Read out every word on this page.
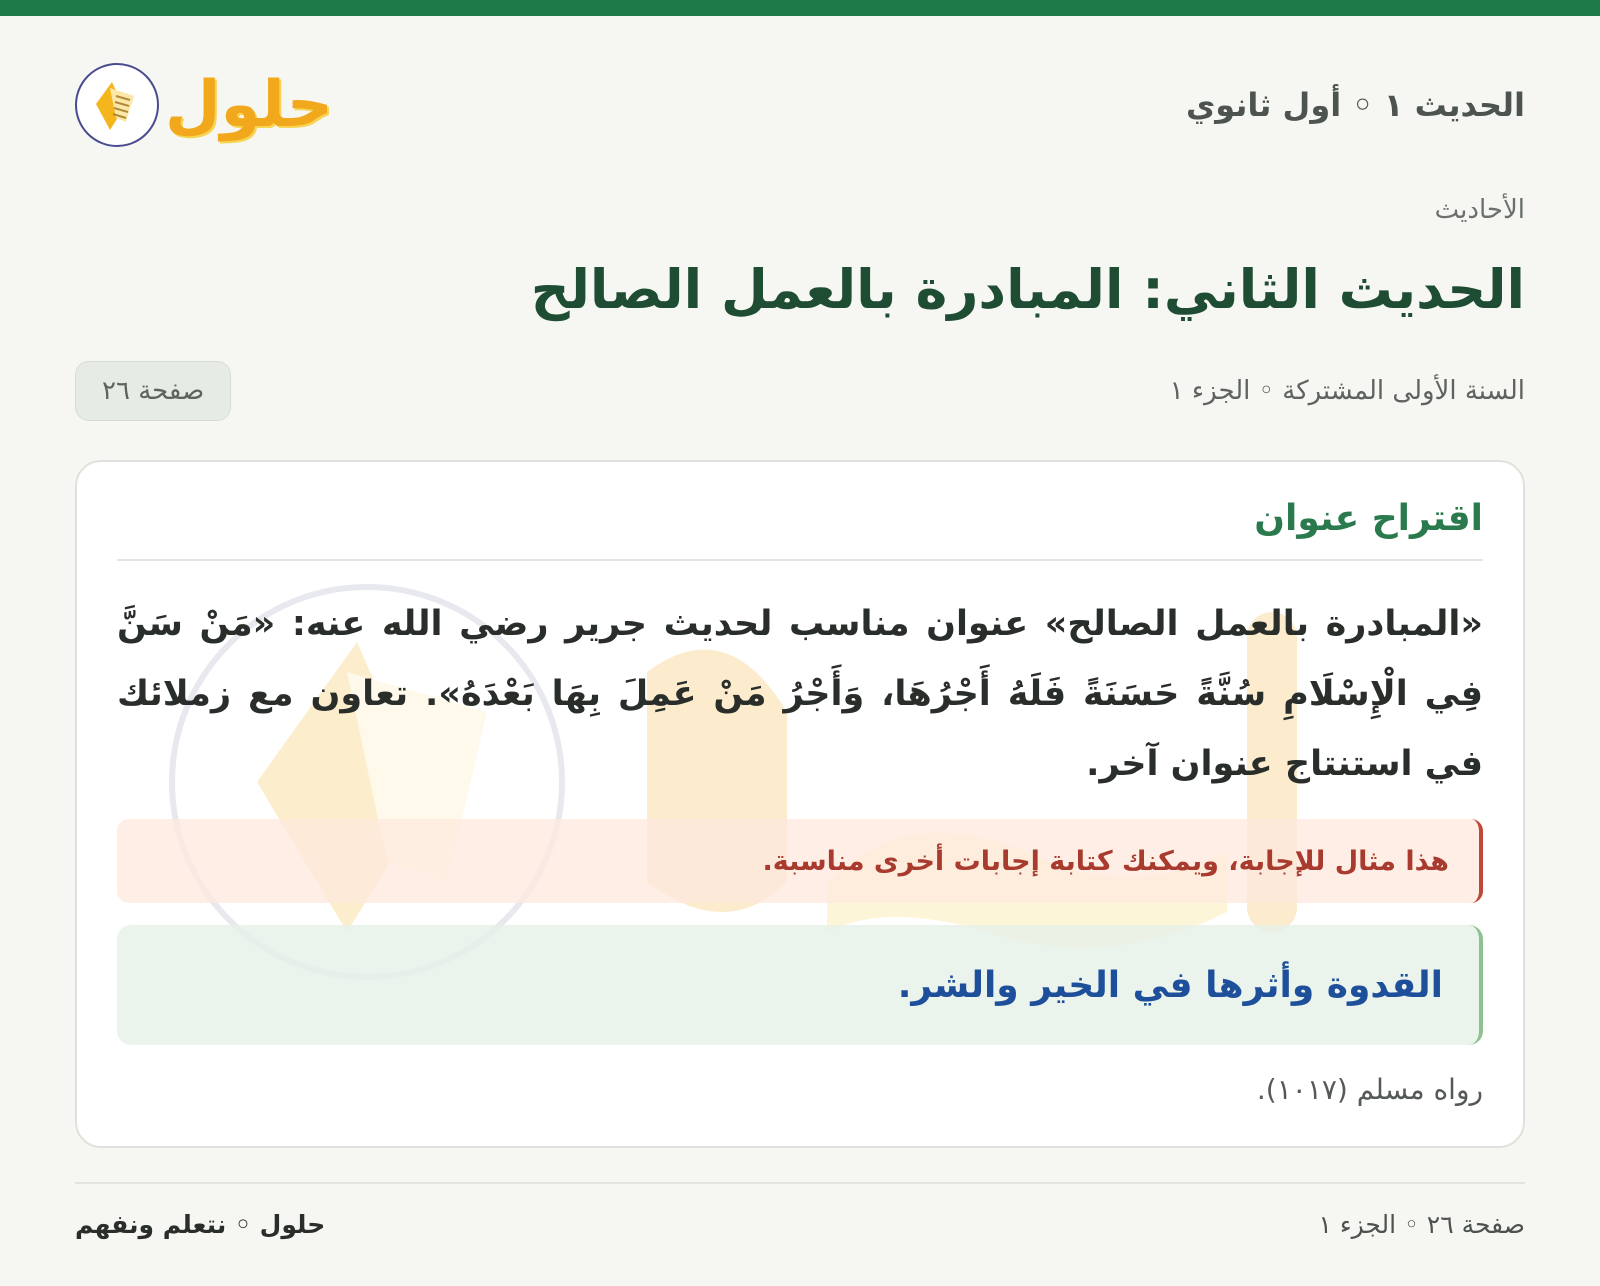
الحديث ١ ◦ أول ثانوي
حلول
الأحاديث
الحديث الثاني: المبادرة بالعمل الصالح
السنة الأولى المشتركة ◦ الجزء ١
صفحة ٢٦
اقتراح عنوان

«المبادرة بالعمل الصالح» عنوان مناسب لحديث جرير رضي الله عنه: «مَنْ سَنَّ فِي الْإِسْلَامِ سُنَّةً حَسَنَةً فَلَهُ أَجْرُهَا، وَأَجْرُ مَنْ عَمِلَ بِهَا بَعْدَهُ». تعاون مع زملائك في استنتاج عنوان آخر.

هذا مثال للإجابة، ويمكنك كتابة إجابات أخرى مناسبة.
القدوة وأثرها في الخير والشر.

رواه مسلم (١٠١٧).

صفحة ٢٦ ◦ الجزء ١
حلول ◦ نتعلم ونفهم
